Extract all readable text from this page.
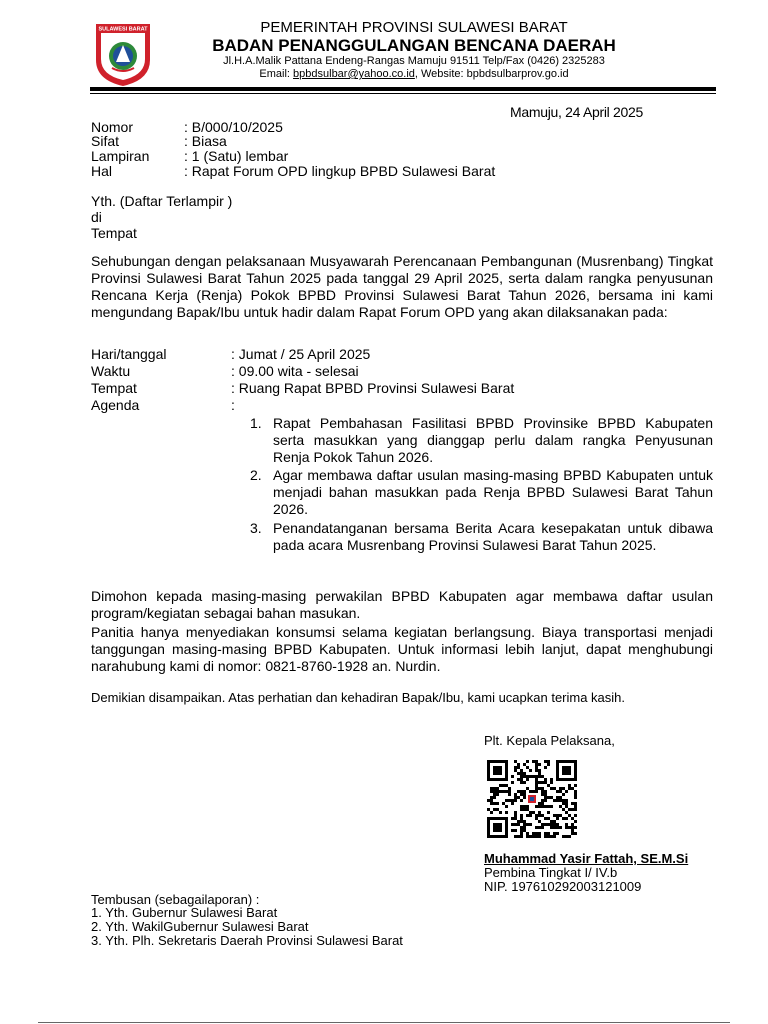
SULAWESI BARAT	PEMERINTAH PROVINSI SULAWESI BARAT
BADAN PENANGGULANGAN BENCANA DAERAH
Jl.H.A.Malik Pattana Endeng-Rangas Mamuju 91511 Telp/Fax (0426) 2325283
Email: bpbdsulbar@yahoo.co.id, Website: bpbdsulbarprov.go.id
Mamuju, 24 April 2025
Nomor	: B/000/10/2025
Sifat	: Biasa
Lampiran : 1 (Satu) lembar
Hal	: Rapat Forum OPD lingkup BPBD Sulawesi Barat
Yth. (Daftar Terlampir )
di
Tempat
Sehubungan dengan pelaksanaan Musyawarah Perencanaan Pembangunan (Musrenbang) Tingkat Provinsi Sulawesi Barat Tahun 2025 pada tanggal 29 April 2025, serta dalam rangka penyusunan Rencana Kerja (Renja) Pokok BPBD Provinsi Sulawesi Barat Tahun 2026, bersama ini kami mengundang Bapak/Ibu untuk hadir dalam Rapat Forum OPD yang akan dilaksanakan pada:
Hari/tanggal	: Jumat / 25 April 2025
Waktu	: 09.00 wita - selesai
Tempat	: Ruang Rapat BPBD Provinsi Sulawesi Barat
Agenda	:
1. Rapat Pembahasan Fasilitasi BPBD Provinsike BPBD Kabupaten serta masukkan yang dianggap perlu dalam rangka Penyusunan Renja Pokok Tahun 2026.
2. Agar membawa daftar usulan masing-masing BPBD Kabupaten untuk menjadi bahan masukkan pada Renja BPBD Sulawesi Barat Tahun 2026.
3. Penandatanganan bersama Berita Acara kesepakatan untuk dibawa pada acara Musrenbang Provinsi Sulawesi Barat Tahun 2025.
Dimohon kepada masing-masing perwakilan BPBD Kabupaten agar membawa daftar usulan program/kegiatan sebagai bahan masukan.
Panitia hanya menyediakan konsumsi selama kegiatan berlangsung. Biaya transportasi menjadi tanggungan masing-masing BPBD Kabupaten. Untuk informasi lebih lanjut, dapat menghubungi narahubung kami di nomor: 0821-8760-1928 an. Nurdin.
Demikian disampaikan. Atas perhatian dan kehadiran Bapak/Ibu, kami ucapkan terima kasih.
Plt. Kepala Pelaksana,
Muhammad Yasir Fattah, SE.M.Si
Pembina Tingkat I/ IV.b
NIP. 197610292003121009
Tembusan (sebagailaporan) :
1. Yth. Gubernur Sulawesi Barat
2. Yth. WakilGubernur Sulawesi Barat
3. Yth. Plh. Sekretaris Daerah Provinsi Sulawesi Barat
